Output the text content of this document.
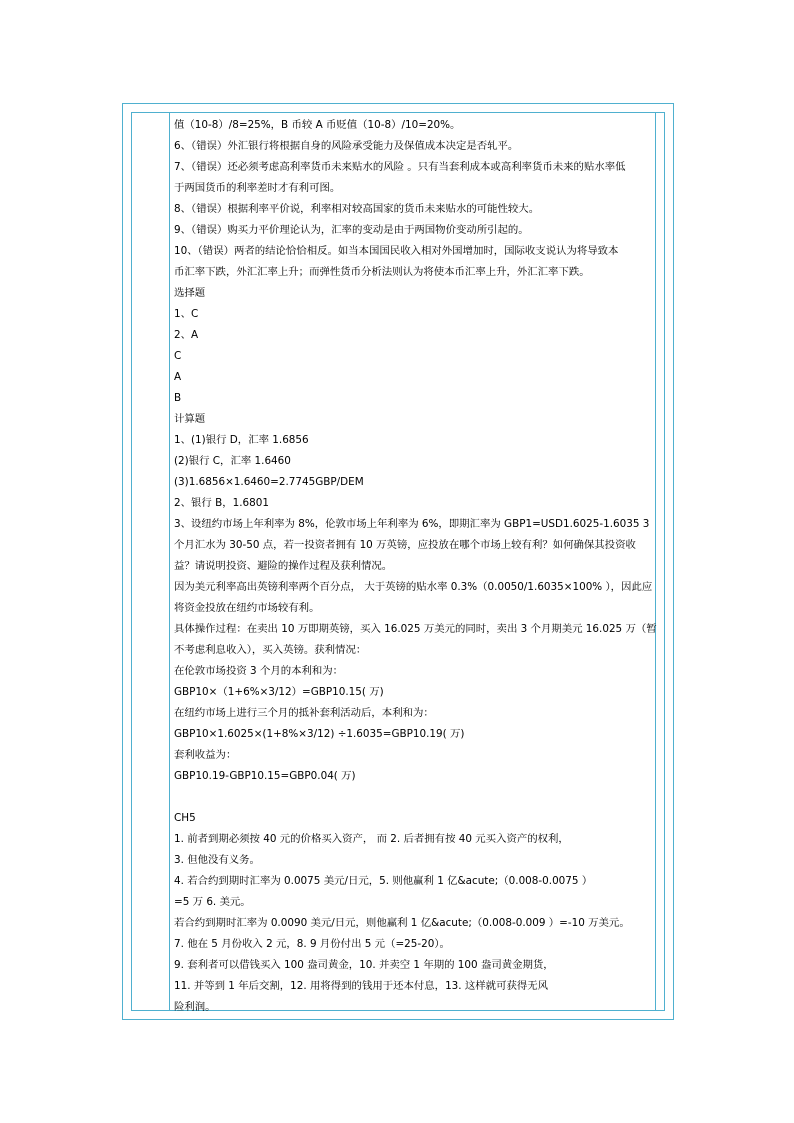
值（10-8）/8=25%，B 币较 A 币贬值（10-8）/10=20%。

6、（错误）外汇银行将根据自身的风险承受能力及保值成本决定是否轧平。

7、（错误）还必须考虑高利率货币未来贴水的风险 。只有当套利成本或高利率货币未来的贴水率低

于两国货币的利率差时才有利可图。

8、（错误）根据利率平价说，利率相对较高国家的货币未来贴水的可能性较大。

9、（错误）购买力平价理论认为，汇率的变动是由于两国物价变动所引起的。

10、（错误）两者的结论恰恰相反。如当本国国民收入相对外国增加时，国际收支说认为将导致本

币汇率下跌，外汇汇率上升；而弹性货币分析法则认为将使本币汇率上升，外汇汇率下跌。

选择题

1、C

2、A

C

A

B

计算题

1、(1)银行 D，汇率 1.6856

(2)银行 C，汇率 1.6460

(3)1.6856×1.6460=2.7745GBP/DEM

2、银行 B，1.6801

3、设纽约市场上年利率为 8%，伦敦市场上年利率为 6%，即期汇率为 GBP1=USD1.6025-1.6035 3

个月汇水为 30-50 点，若一投资者拥有 10 万英镑，应投放在哪个市场上较有利？如何确保其投资收

益？请说明投资、避险的操作过程及获利情况。

因为美元利率高出英镑利率两个百分点， 大于英镑的贴水率 0.3%（0.0050/1.6035×100% ），因此应

将资金投放在纽约市场较有利。

具体操作过程：在卖出 10 万即期英镑，买入 16.025 万美元的同时，卖出 3 个月期美元 16.025 万（暂

不考虑利息收入），买入英镑。获利情况：

在伦敦市场投资 3 个月的本利和为：

GBP10×（1+6%×3/12）=GBP10.15( 万)

在纽约市场上进行三个月的抵补套利活动后，本利和为：

GBP10×1.6025×(1+8%×3/12) ÷1.6035=GBP10.19( 万)

套利收益为：

GBP10.19-GBP10.15=GBP0.04( 万)

CH5

1. 前者到期必须按 40 元的价格买入资产， 而 2. 后者拥有按 40 元买入资产的权利，

3. 但他没有义务。

4. 若合约到期时汇率为 0.0075 美元/日元，5. 则他赢利 1 亿&acute;（0.008-0.0075 ）

=5 万 6. 美元。

若合约到期时汇率为 0.0090 美元/日元，则他赢利 1 亿&acute;（0.008-0.009 ）=-10 万美元。

7. 他在 5 月份收入 2 元，8. 9 月份付出 5 元（=25-20）。

9. 套利者可以借钱买入 100 盎司黄金，10. 并卖空 1 年期的 100 盎司黄金期货，

11. 并等到 1 年后交割，12. 用将得到的钱用于还本付息，13. 这样就可获得无风

险利润。
